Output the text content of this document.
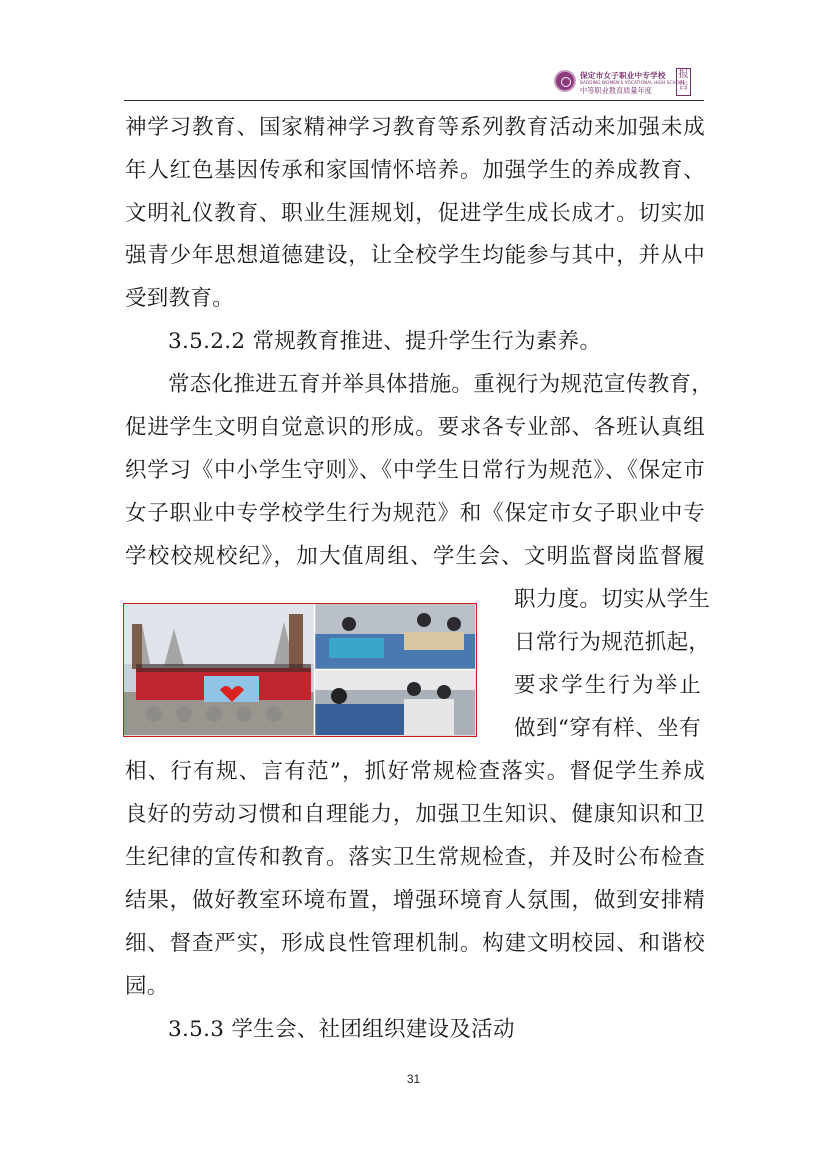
保定市女子职业中专学校
BAODING WOMEN'S VOCATIONAL HIGH SCHOOL
中等职业教育质量年度
报告
神学习教育、国家精神学习教育等系列教育活动来加强未成
年人红色基因传承和家国情怀培养。加强学生的养成教育、
文明礼仪教育、职业生涯规划，促进学生成长成才。切实加
强青少年思想道德建设，让全校学生均能参与其中，并从中
受到教育。
3.5.2.2 常规教育推进、提升学生行为素养。
常态化推进五育并举具体措施。重视行为规范宣传教育，
促进学生文明自觉意识的形成。要求各专业部、各班认真组
织学习《中小学生守则》、《中学生日常行为规范》、《保定市
女子职业中专学校学生行为规范》和《保定市女子职业中专
学校校规校纪》，加大值周组、学生会、文明监督岗监督履
职力度。切实从学生
日常行为规范抓起，
要求学生行为举止
做到“穿有样、坐有
相、行有规、言有范”，抓好常规检查落实。督促学生养成
良好的劳动习惯和自理能力，加强卫生知识、健康知识和卫
生纪律的宣传和教育。落实卫生常规检查，并及时公布检查
结果，做好教室环境布置，增强环境育人氛围，做到安排精
细、督查严实，形成良性管理机制。构建文明校园、和谐校
园。
3.5.3 学生会、社团组织建设及活动
31
